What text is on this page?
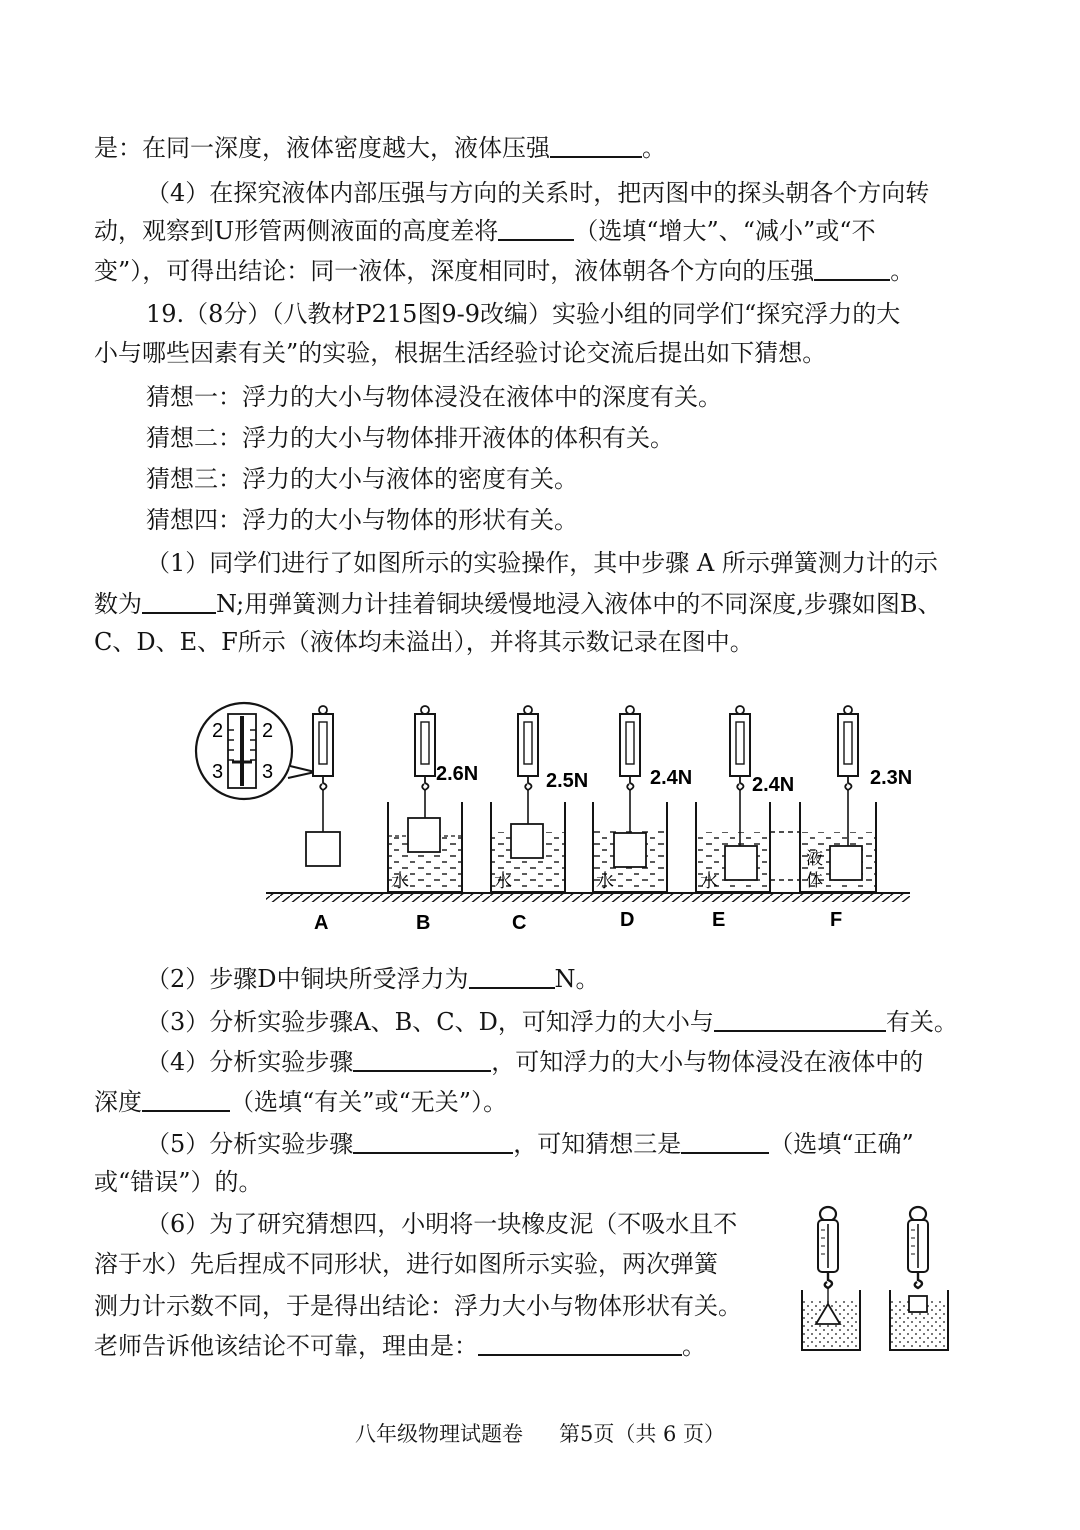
是：在同一深度，液体密度越大，液体压强	。
（4）在探究液体内部压强与方向的关系时，把丙图中的探头朝各个方向转
动，观察到U形管两侧液面的高度差将	（选填“增大”、“减小”或“不
变”），可得出结论：同一液体，深度相同时，液体朝各个方向的压强	。
19.（8分）（八教材P215图9-9改编）实验小组的同学们“探究浮力的大
小与哪些因素有关”的实验，根据生活经验讨论交流后提出如下猜想。
猜想一：浮力的大小与物体浸没在液体中的深度有关。
猜想二：浮力的大小与物体排开液体的体积有关。
猜想三：浮力的大小与液体的密度有关。
猜想四：浮力的大小与物体的形状有关。
（1）同学们进行了如图所示的实验操作，其中步骤 A 所示弹簧测力计的示
数为	N;用弹簧测力计挂着铜块缓慢地浸入液体中的不同深度,步骤如图B、
C、D、E、F所示（液体均未溢出），并将其示数记录在图中。
2 2
3 3
水	水	水	水
液
体
2.6N	2.5N	2.4N	2.4N	2.3N
A	B	C	D	E	F
（2）步骤D中铜块所受浮力为	N。
（3）分析实验步骤A、B、C、D，可知浮力的大小与	有关。
（4）分析实验步骤	，可知浮力的大小与物体浸没在液体中的
深度	（选填“有关”或“无关”）。
（5）分析实验步骤	，可知猜想三是	（选填“正确”
或“错误”）的。
（6）为了研究猜想四，小明将一块橡皮泥（不吸水且不
溶于水）先后捏成不同形状，进行如图所示实验，两次弹簧
测力计示数不同，于是得出结论：浮力大小与物体形状有关。
老师告诉他该结论不可靠，理由是：	。
八年级物理试题卷 第5页（共 6 页）
